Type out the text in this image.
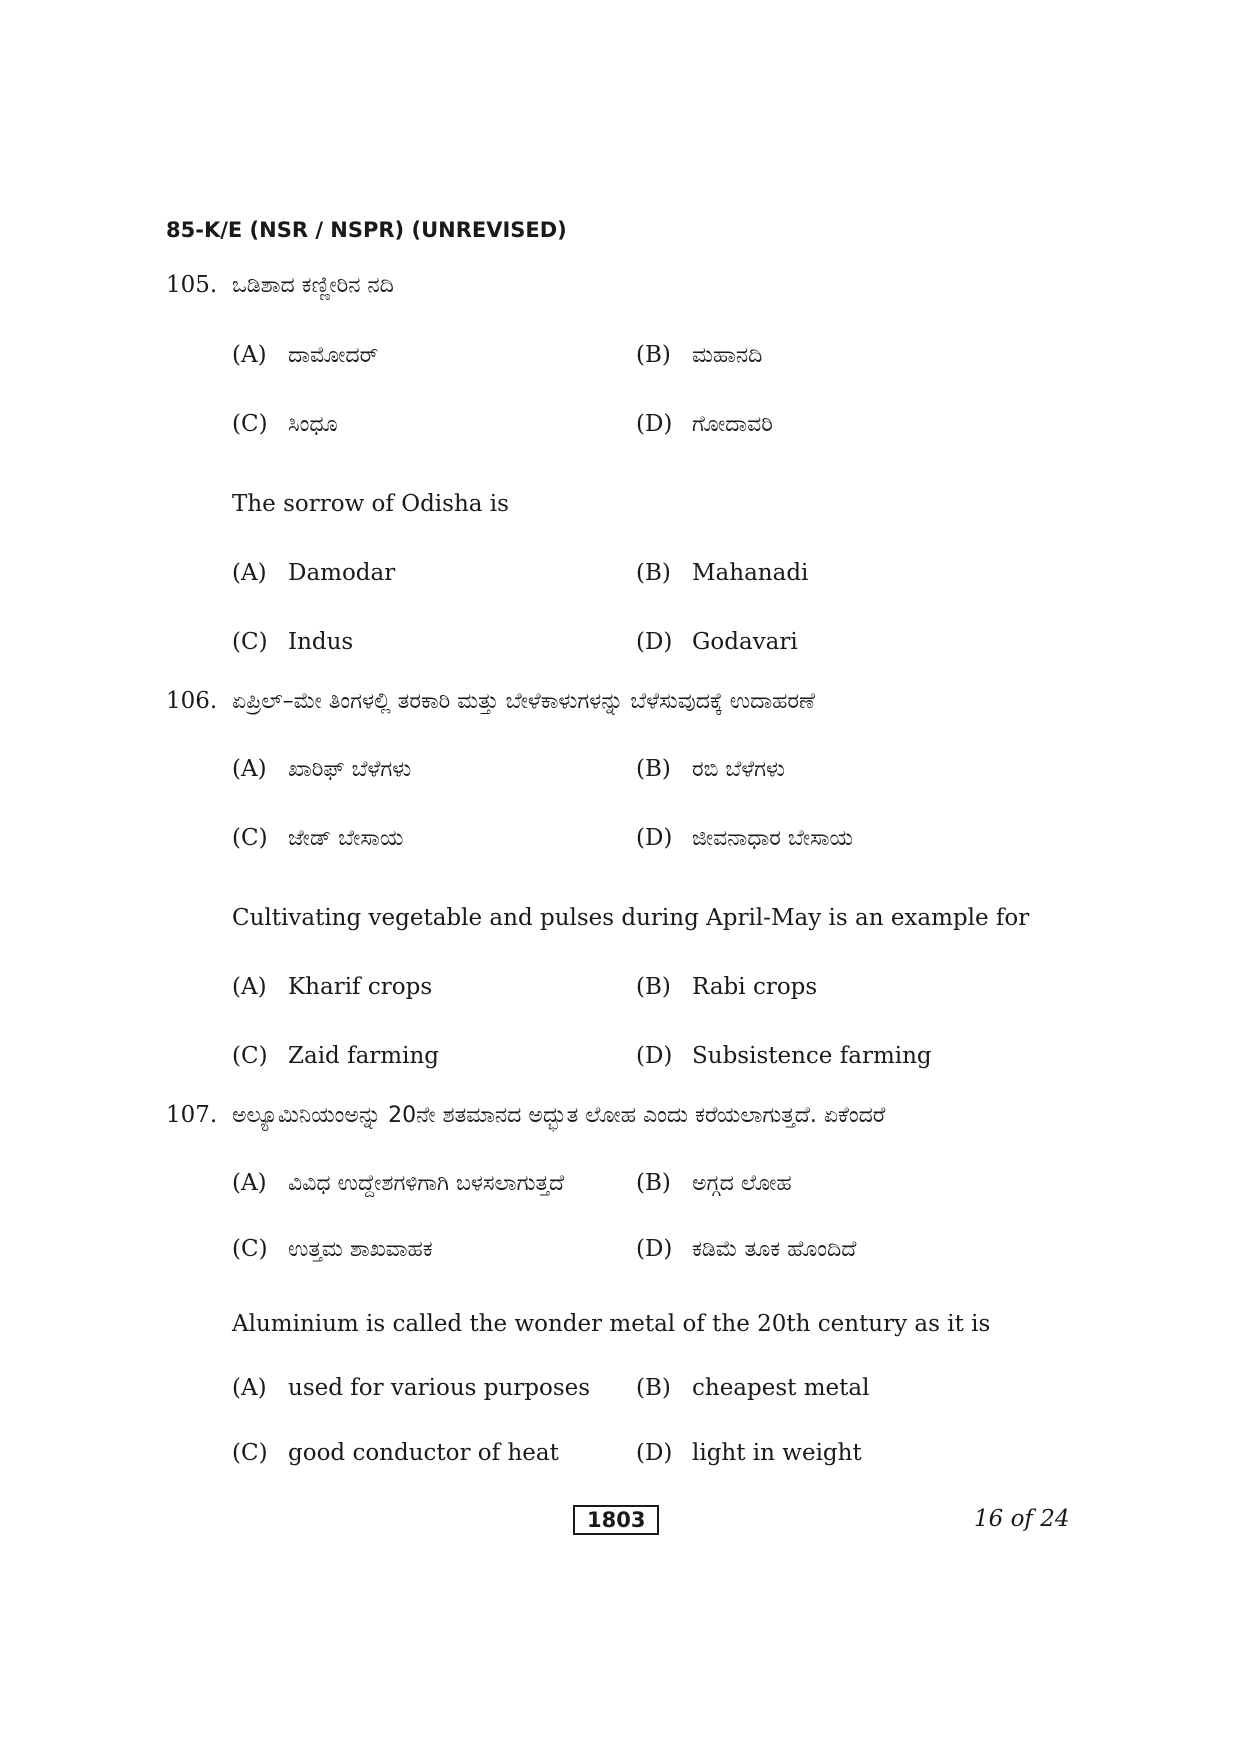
85-K/E (NSR / NSPR) (UNREVISED)
105. ಒಡಿಶಾದ ಕಣ್ಣೀರಿನ ನದಿ
(A) ದಾಮೋದರ್	(B) ಮಹಾನದಿ
(C) ಸಿಂಧೂ	(D) ಗೋದಾವರಿ
The sorrow of Odisha is
(A) Damodar	(B) Mahanadi
(C) Indus	(D) Godavari
106. ಏಪ್ರಿಲ್–ಮೇ ತಿಂಗಳಲ್ಲಿ ತರಕಾರಿ ಮತ್ತು ಬೇಳೆಕಾಳುಗಳನ್ನು ಬೆಳೆಸುವುದಕ್ಕೆ ಉದಾಹರಣೆ
(A) ಖಾರಿಫ್ ಬೆಳೆಗಳು	(B) ರಬಿ ಬೆಳೆಗಳು
(C) ಜೇಡ್ ಬೇಸಾಯ	(D) ಜೀವನಾಧಾರ ಬೇಸಾಯ
Cultivating vegetable and pulses during April-May is an example for
(A) Kharif crops	(B) Rabi crops
(C) Zaid farming	(D) Subsistence farming
107. ಅಲ್ಯೂಮಿನಿಯಂಅನ್ನು 20ನೇ ಶತಮಾನದ ಅದ್ಭುತ ಲೋಹ ಎಂದು ಕರೆಯಲಾಗುತ್ತದೆ. ಏಕೆಂದರೆ
(A) ವಿವಿಧ ಉದ್ದೇಶಗಳಿಗಾಗಿ ಬಳಸಲಾಗುತ್ತದೆ	(B) ಅಗ್ಗದ ಲೋಹ
(C) ಉತ್ತಮ ಶಾಖವಾಹಕ	(D) ಕಡಿಮೆ ತೂಕ ಹೊಂದಿದೆ
Aluminium is called the wonder metal of the 20th century as it is
(A) used for various purposes (B) cheapest metal
(C) good conductor of heat	(D) light in weight
1803	16 of 24
